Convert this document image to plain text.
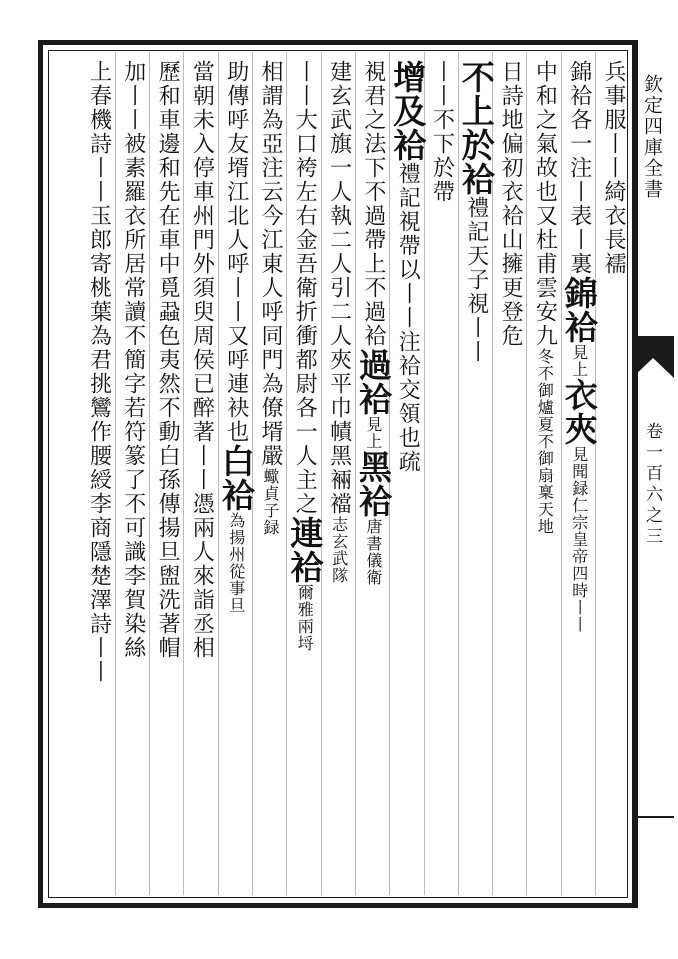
欽定四庫全書
卷一百六之三
兵事服丨丨綺衣長襦
錦袷各一注丨表丨裏錦袷見上衣夾見聞録仁宗皇帝四時丨丨
中和之氣故也又杜甫雲安九冬不御爐夏不御扇稟天地
日詩地偏初衣袷山擁更登危
不上於袷禮記天子視丨丨
丨丨不下於帶
增及袷禮記視帶以丨丨注袷交領也疏
視君之法下不過帶上不過袷過袷見上黑袷唐書儀衛
建玄武旗一人執二人引二人夾平巾幘黑裲襠志玄武隊
丨丨大口袴左右金吾衛折衝都尉各一人主之連袷爾雅兩埒
相謂為亞注云今江東人呼同門為僚壻嚴蠍貞子録
助傳呼友壻江北人呼丨丨又呼連袂也白袷為揚州從事旦
當朝未入停車州門外須臾周侯已醉著丨丨憑兩人來詣丞相
歷和車邊和先在車中覓蝨色夷然不動白孫傳揚旦盥洗著帽
加丨丨被素羅衣所居常讀不簡字若符篆了不可識李賀染絲
上春機詩丨丨玉郎寄桃葉為君挑鸞作腰綬李商隱楚澤詩丨丨
